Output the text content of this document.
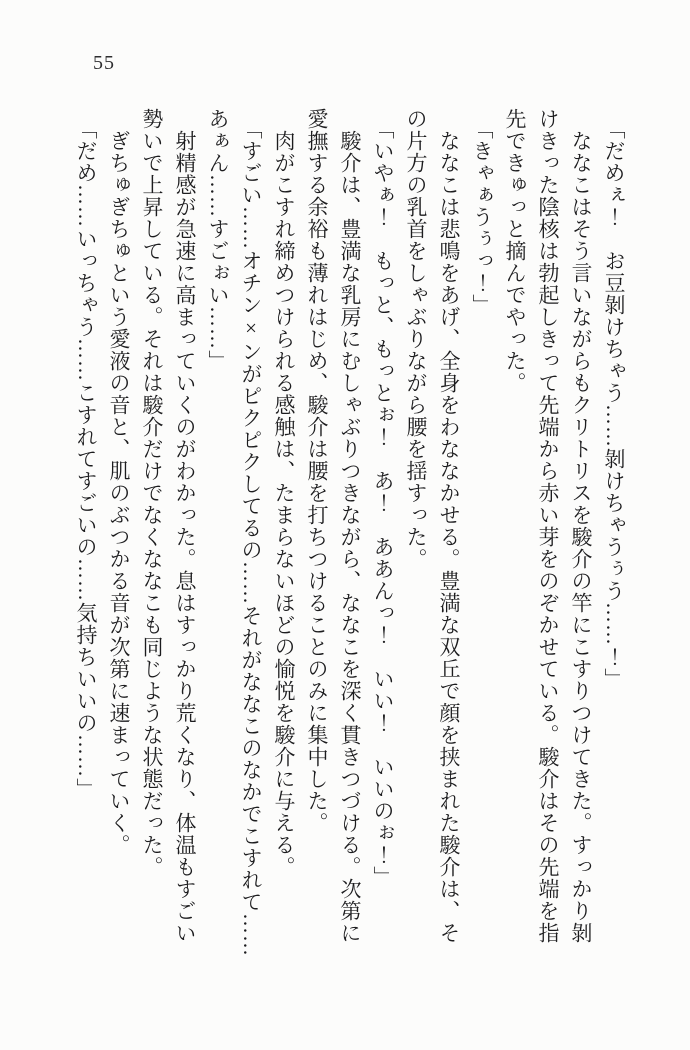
55
「だめぇ！　お豆剝けちゃう……剝けちゃうぅう……！」
ななこはそう言いながらもクリトリスを駿介の竿にこすりつけてきた。すっかり剝
けきった陰核は勃起しきって先端から赤い芽をのぞかせている。駿介はその先端を指
先できゅっと摘んでやった。
「きゃぁうぅっ！」
ななこは悲鳴をあげ、全身をわななかせる。豊満な双丘で顔を挟まれた駿介は、そ
の片方の乳首をしゃぶりながら腰を揺すった。
「いやぁ！　もっと、もっとぉ！　あ！　ああんっ！　いい！　いいのぉ！」
駿介は、豊満な乳房にむしゃぶりつきながら、ななこを深く貫きつづける。次第に
愛撫する余裕も薄れはじめ、駿介は腰を打ちつけることのみに集中した。
肉がこすれ締めつけられる感触は、たまらないほどの愉悦を駿介に与える。
「すごい……オチン×ンがピクピクしてるの……それがななこのなかでこすれて……
あぁん……すごぉい……」
射精感が急速に高まっていくのがわかった。息はすっかり荒くなり、体温もすごい
勢いで上昇している。それは駿介だけでなくななこも同じような状態だった。
ぎちゅぎちゅという愛液の音と、肌のぶつかる音が次第に速まっていく。
「だめ……いっちゃう……こすれてすごいの……気持ちいいの……」
